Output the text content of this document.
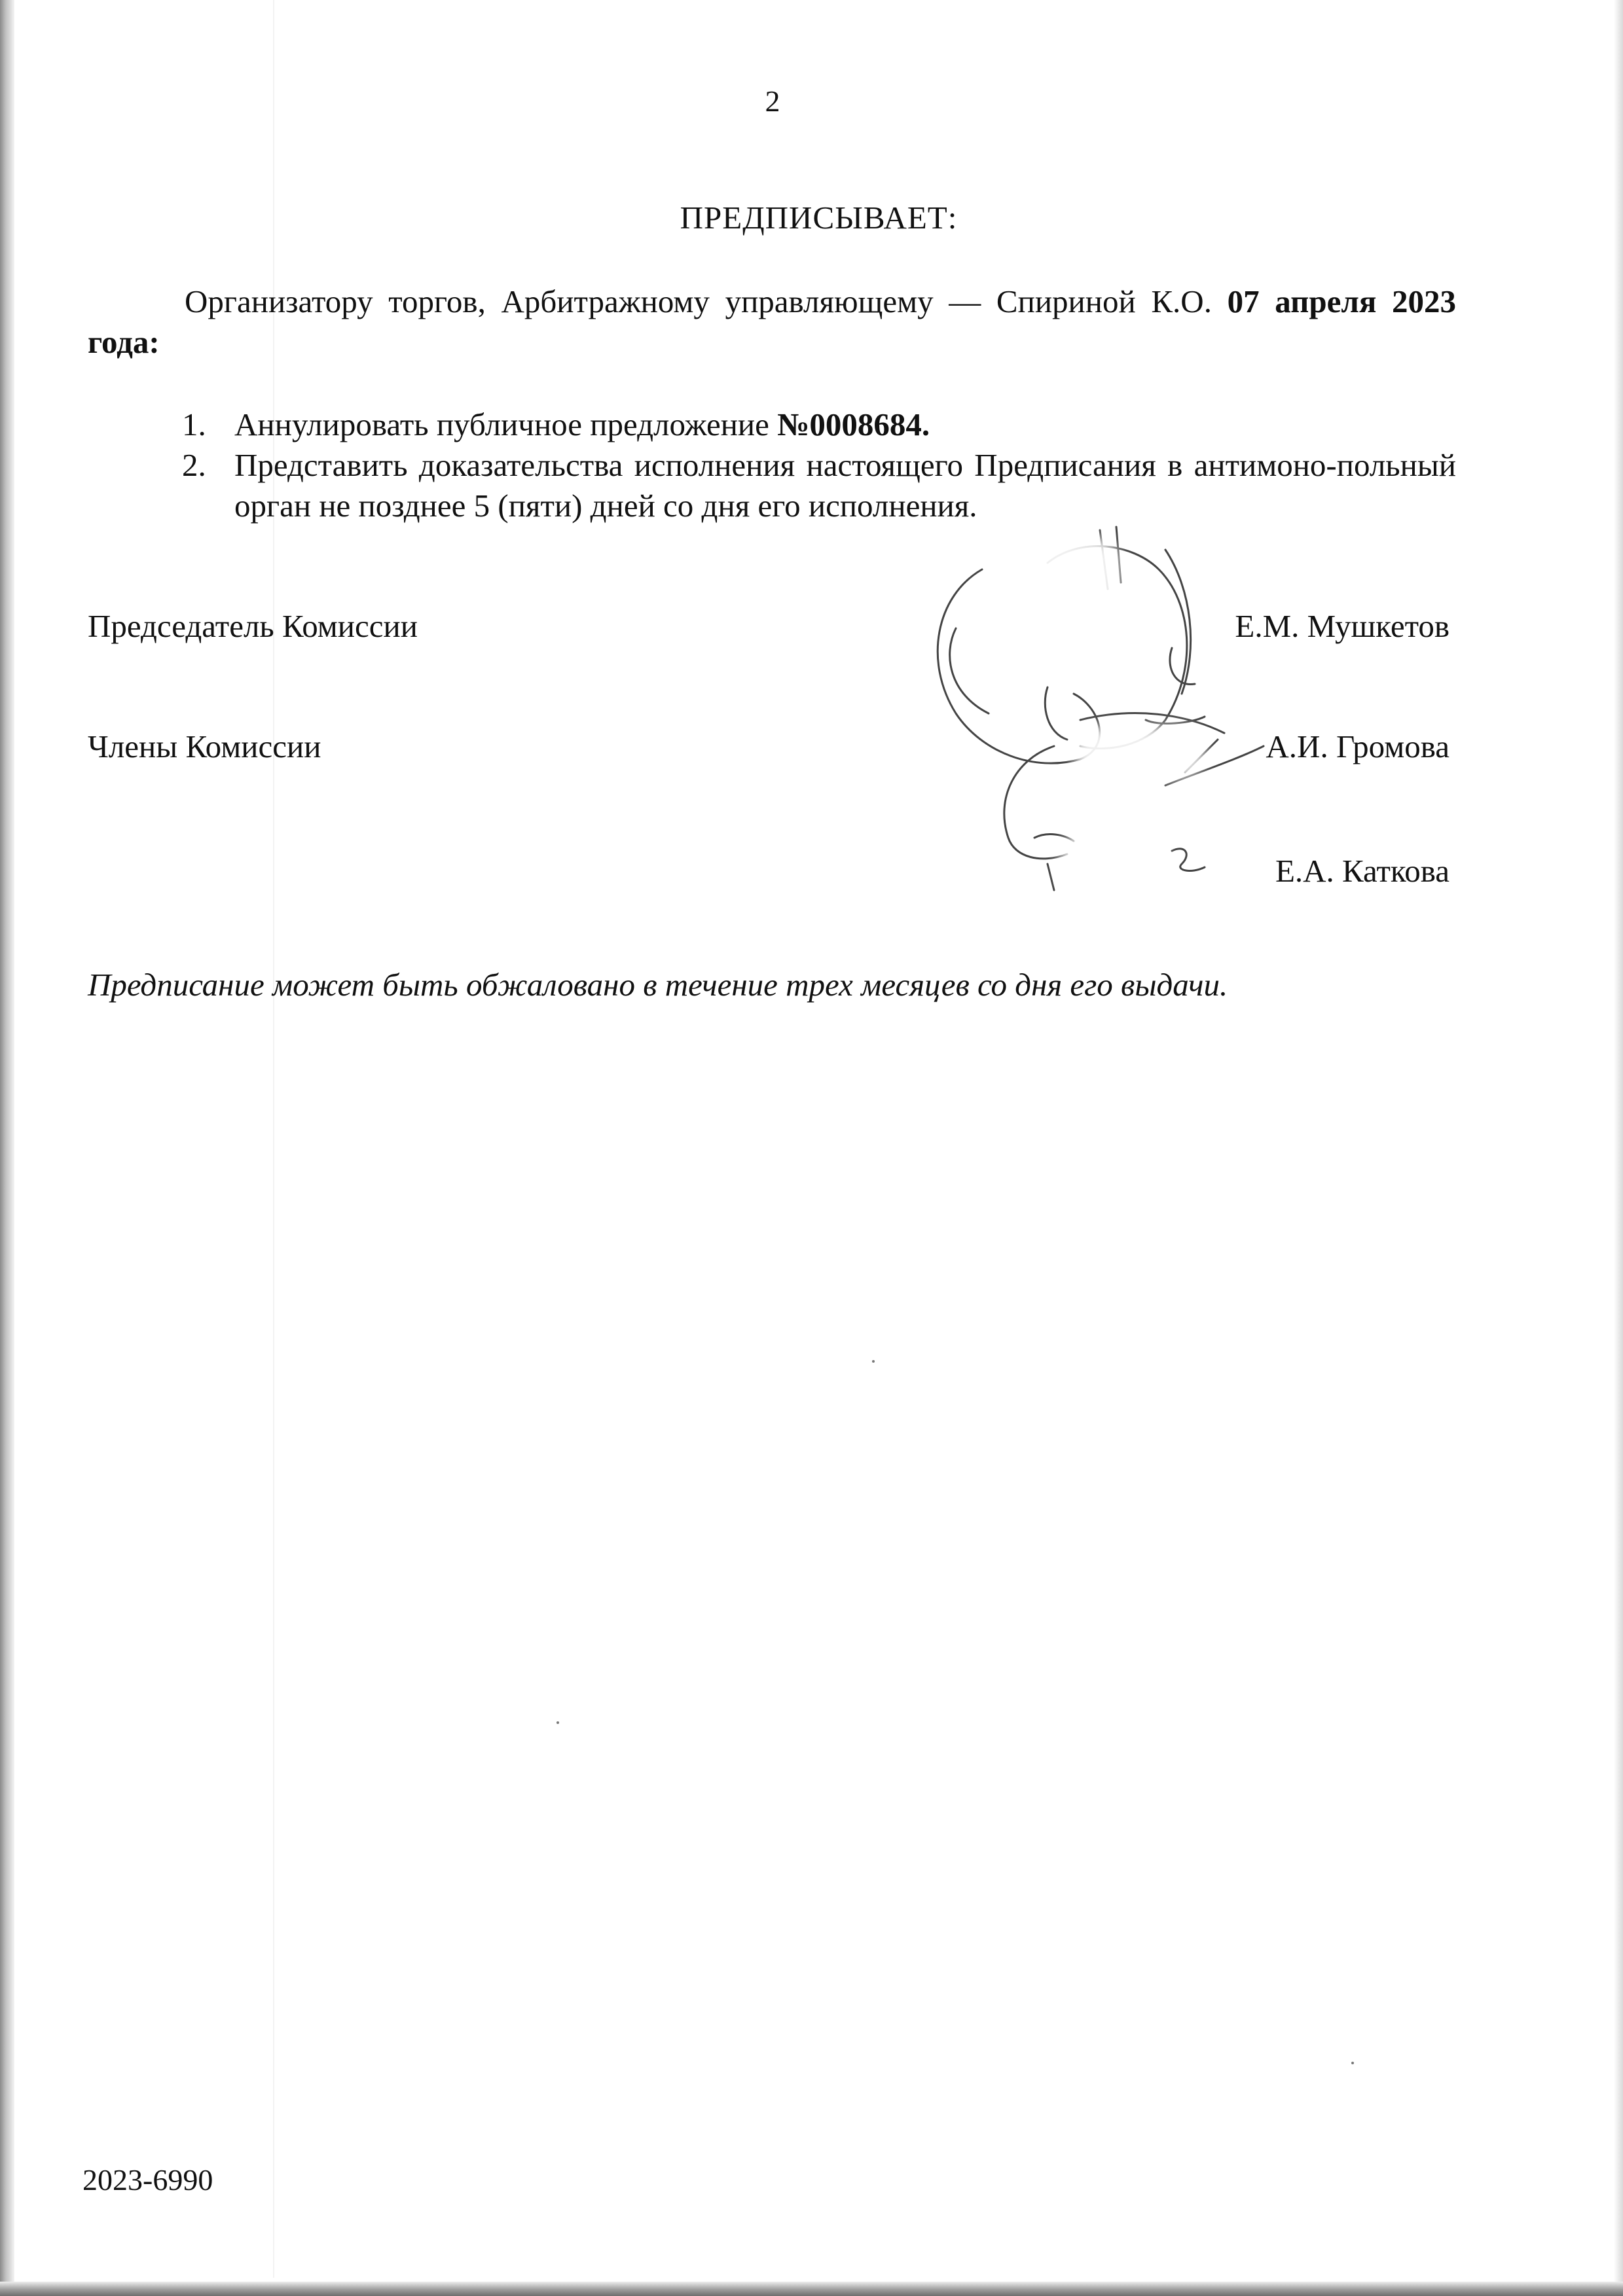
2
ПРЕДПИСЫВАЕТ:
Организатору торгов, Арбитражному управляющему — Спириной К.О. 07 апреля 2023 года:
1. Аннулировать публичное предложение №0008684.
2. Представить доказательства исполнения настоящего Предписания в антимоно-польный орган не позднее 5 (пяти) дней со дня его исполнения.
Председатель Комиссии	Е.М. Мушкетов
Члены Комиссии	А.И. Громова
Е.А. Каткова
Предписание может быть обжаловано в течение трех месяцев со дня его выдачи.
2023-6990
